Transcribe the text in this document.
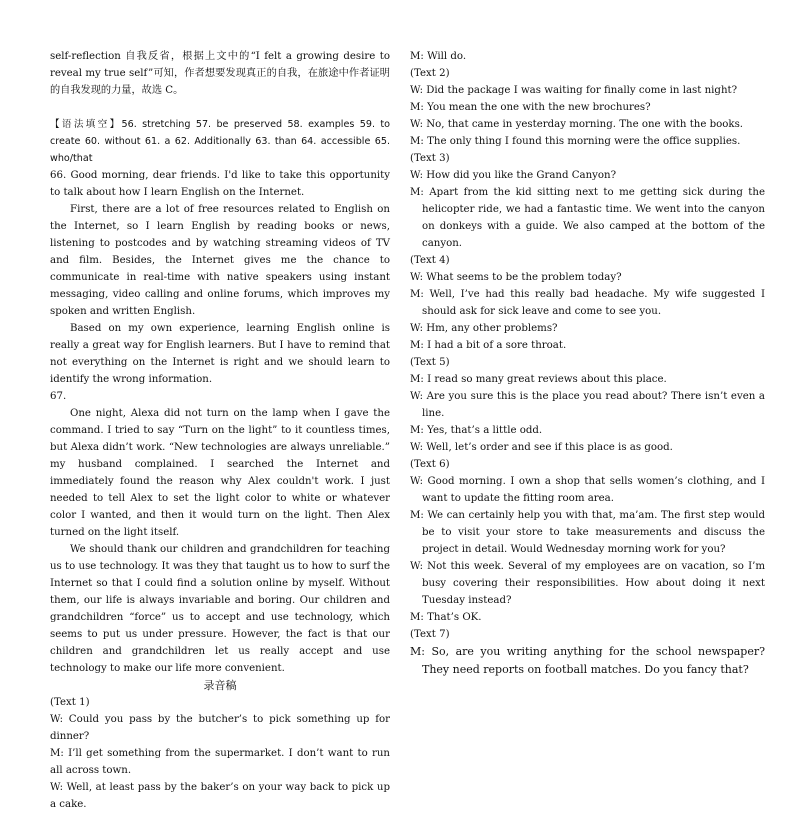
self-reflection 自我反省，根据上文中的“I felt a growing desire to reveal my true self”可知，作者想要发现真正的自我，在旅途中作者证明的自我发现的力量，故选 C。

【语法填空】56. stretching 57. be preserved 58. examples 59. to create 60. without 61. a 62. Additionally 63. than 64. accessible 65. who/that

66. Good morning, dear friends. I'd like to take this opportunity to talk about how I learn English on the Internet.

First, there are a lot of free resources related to English on the Internet, so I learn English by reading books or news, listening to postcodes and by watching streaming videos of TV and film. Besides, the Internet gives me the chance to communicate in real-time with native speakers using instant messaging, video calling and online forums, which improves my spoken and written English.

Based on my own experience, learning English online is really a great way for English learners. But I have to remind that not everything on the Internet is right and we should learn to identify the wrong information.

67.

One night, Alexa did not turn on the lamp when I gave the command. I tried to say “Turn on the light” to it countless times, but Alexa didn’t work. “New technologies are always unreliable.” my husband complained. I searched the Internet and immediately found the reason why Alex couldn't work. I just needed to tell Alex to set the light color to white or whatever color I wanted, and then it would turn on the light. Then Alex turned on the light itself.

We should thank our children and grandchildren for teaching us to use technology. It was they that taught us to how to surf the Internet so that I could find a solution online by myself. Without them, our life is always invariable and boring. Our children and grandchildren “force” us to accept and use technology, which seems to put us under pressure. However, the fact is that our children and grandchildren let us really accept and use technology to make our life more convenient.

录音稿

(Text 1)

W: Could you pass by the butcher’s to pick something up for dinner?

M: I’ll get something from the supermarket. I don’t want to run all across town.

W: Well, at least pass by the baker’s on your way back to pick up a cake.

M: Will do.

(Text 2)

W: Did the package I was waiting for finally come in last night?

M: You mean the one with the new brochures?

W: No, that came in yesterday morning. The one with the books.

M: The only thing I found this morning were the office supplies.

(Text 3)

W: How did you like the Grand Canyon?

M: Apart from the kid sitting next to me getting sick during the helicopter ride, we had a fantastic time. We went into the canyon on donkeys with a guide. We also camped at the bottom of the canyon.

(Text 4)

W: What seems to be the problem today?

M: Well, I’ve had this really bad headache. My wife suggested I should ask for sick leave and come to see you.

W: Hm, any other problems?

M: I had a bit of a sore throat.

(Text 5)

M: I read so many great reviews about this place.

W: Are you sure this is the place you read about? There isn’t even a line.

M: Yes, that’s a little odd.

W: Well, let’s order and see if this place is as good.

(Text 6)

W: Good morning. I own a shop that sells women’s clothing, and I want to update the fitting room area.

M: We can certainly help you with that, ma’am. The first step would be to visit your store to take measurements and discuss the project in detail. Would Wednesday morning work for you?

W: Not this week. Several of my employees are on vacation, so I’m busy covering their responsibilities. How about doing it next Tuesday instead?

M: That’s OK.

(Text 7)

M: So, are you writing anything for the school newspaper? They need reports on football matches. Do you fancy that?
